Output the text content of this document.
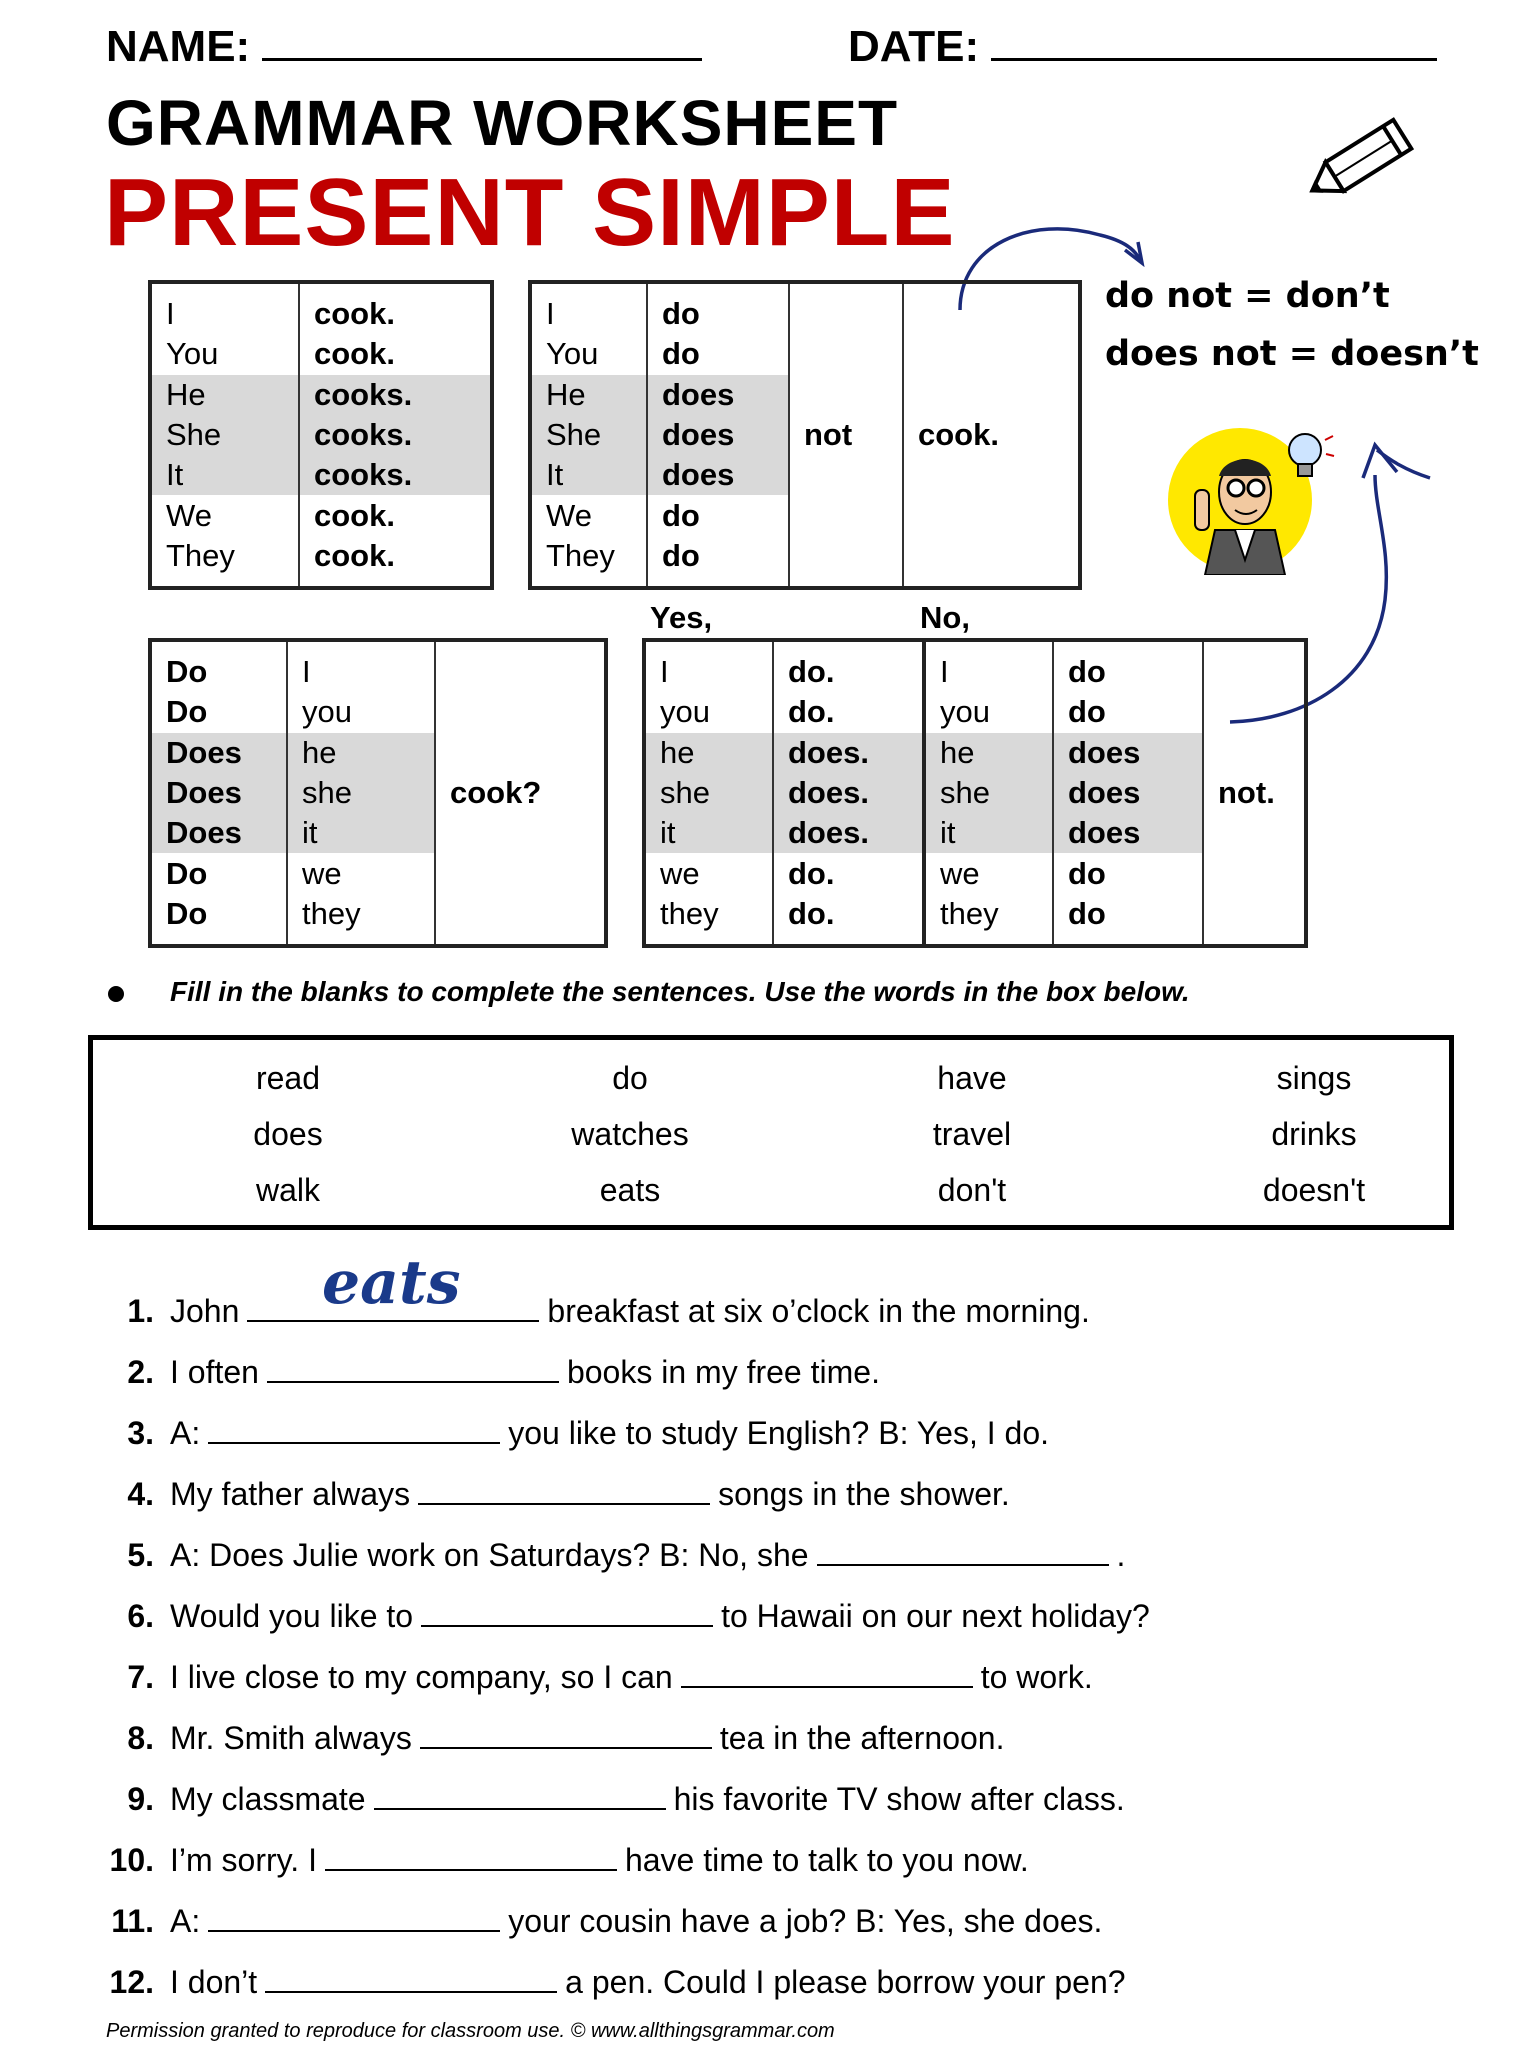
NAME:	DATE:
GRAMMAR WORKSHEET
PRESENT SIMPLE
do not = don’t
does not = doesn’t

I	cook.
You	cook.
He	cooks.
She	cooks.
It	cooks.
We	cook.
They	cook.

		not	cook.
I	do		
You	do		
He	does		
She	does		
It	does		
We	do		
They	do		

Yes,	No,
		cook?
Do	I	
Do	you	
Does	he	
Does	she	
Does	it	
Do	we	
Do	they	

				not.
I	do.	I	do	
you	do.	you	do	
he	does.	he	does	
she	does.	she	does	
it	does.	it	does	
we	do.	we	do	
they	do.	they	do	

Fill in the blanks to complete the sentences. Use the words in the box below.
read	do	have	sings
does	watches	travel	drinks
walk	eats	don't	doesn't
1. John	breakfast at six o’clock in the morning.
eats
2. I often	books in my free time.
3. A:	you like to study English? B: Yes, I do.
4. My father always	songs in the shower.
5. A: Does Julie work on Saturdays? B: No, she	.
6. Would you like to	to Hawaii on our next holiday?
7. I live close to my company, so I can	to work.
8. Mr. Smith always	tea in the afternoon.
9. My classmate	his favorite TV show after class.
10. I’m sorry. I	have time to talk to you now.
11. A:	your cousin have a job? B: Yes, she does.
12. I don’t	a pen. Could I please borrow your pen?
Permission granted to reproduce for classroom use. © www.allthingsgrammar.com
